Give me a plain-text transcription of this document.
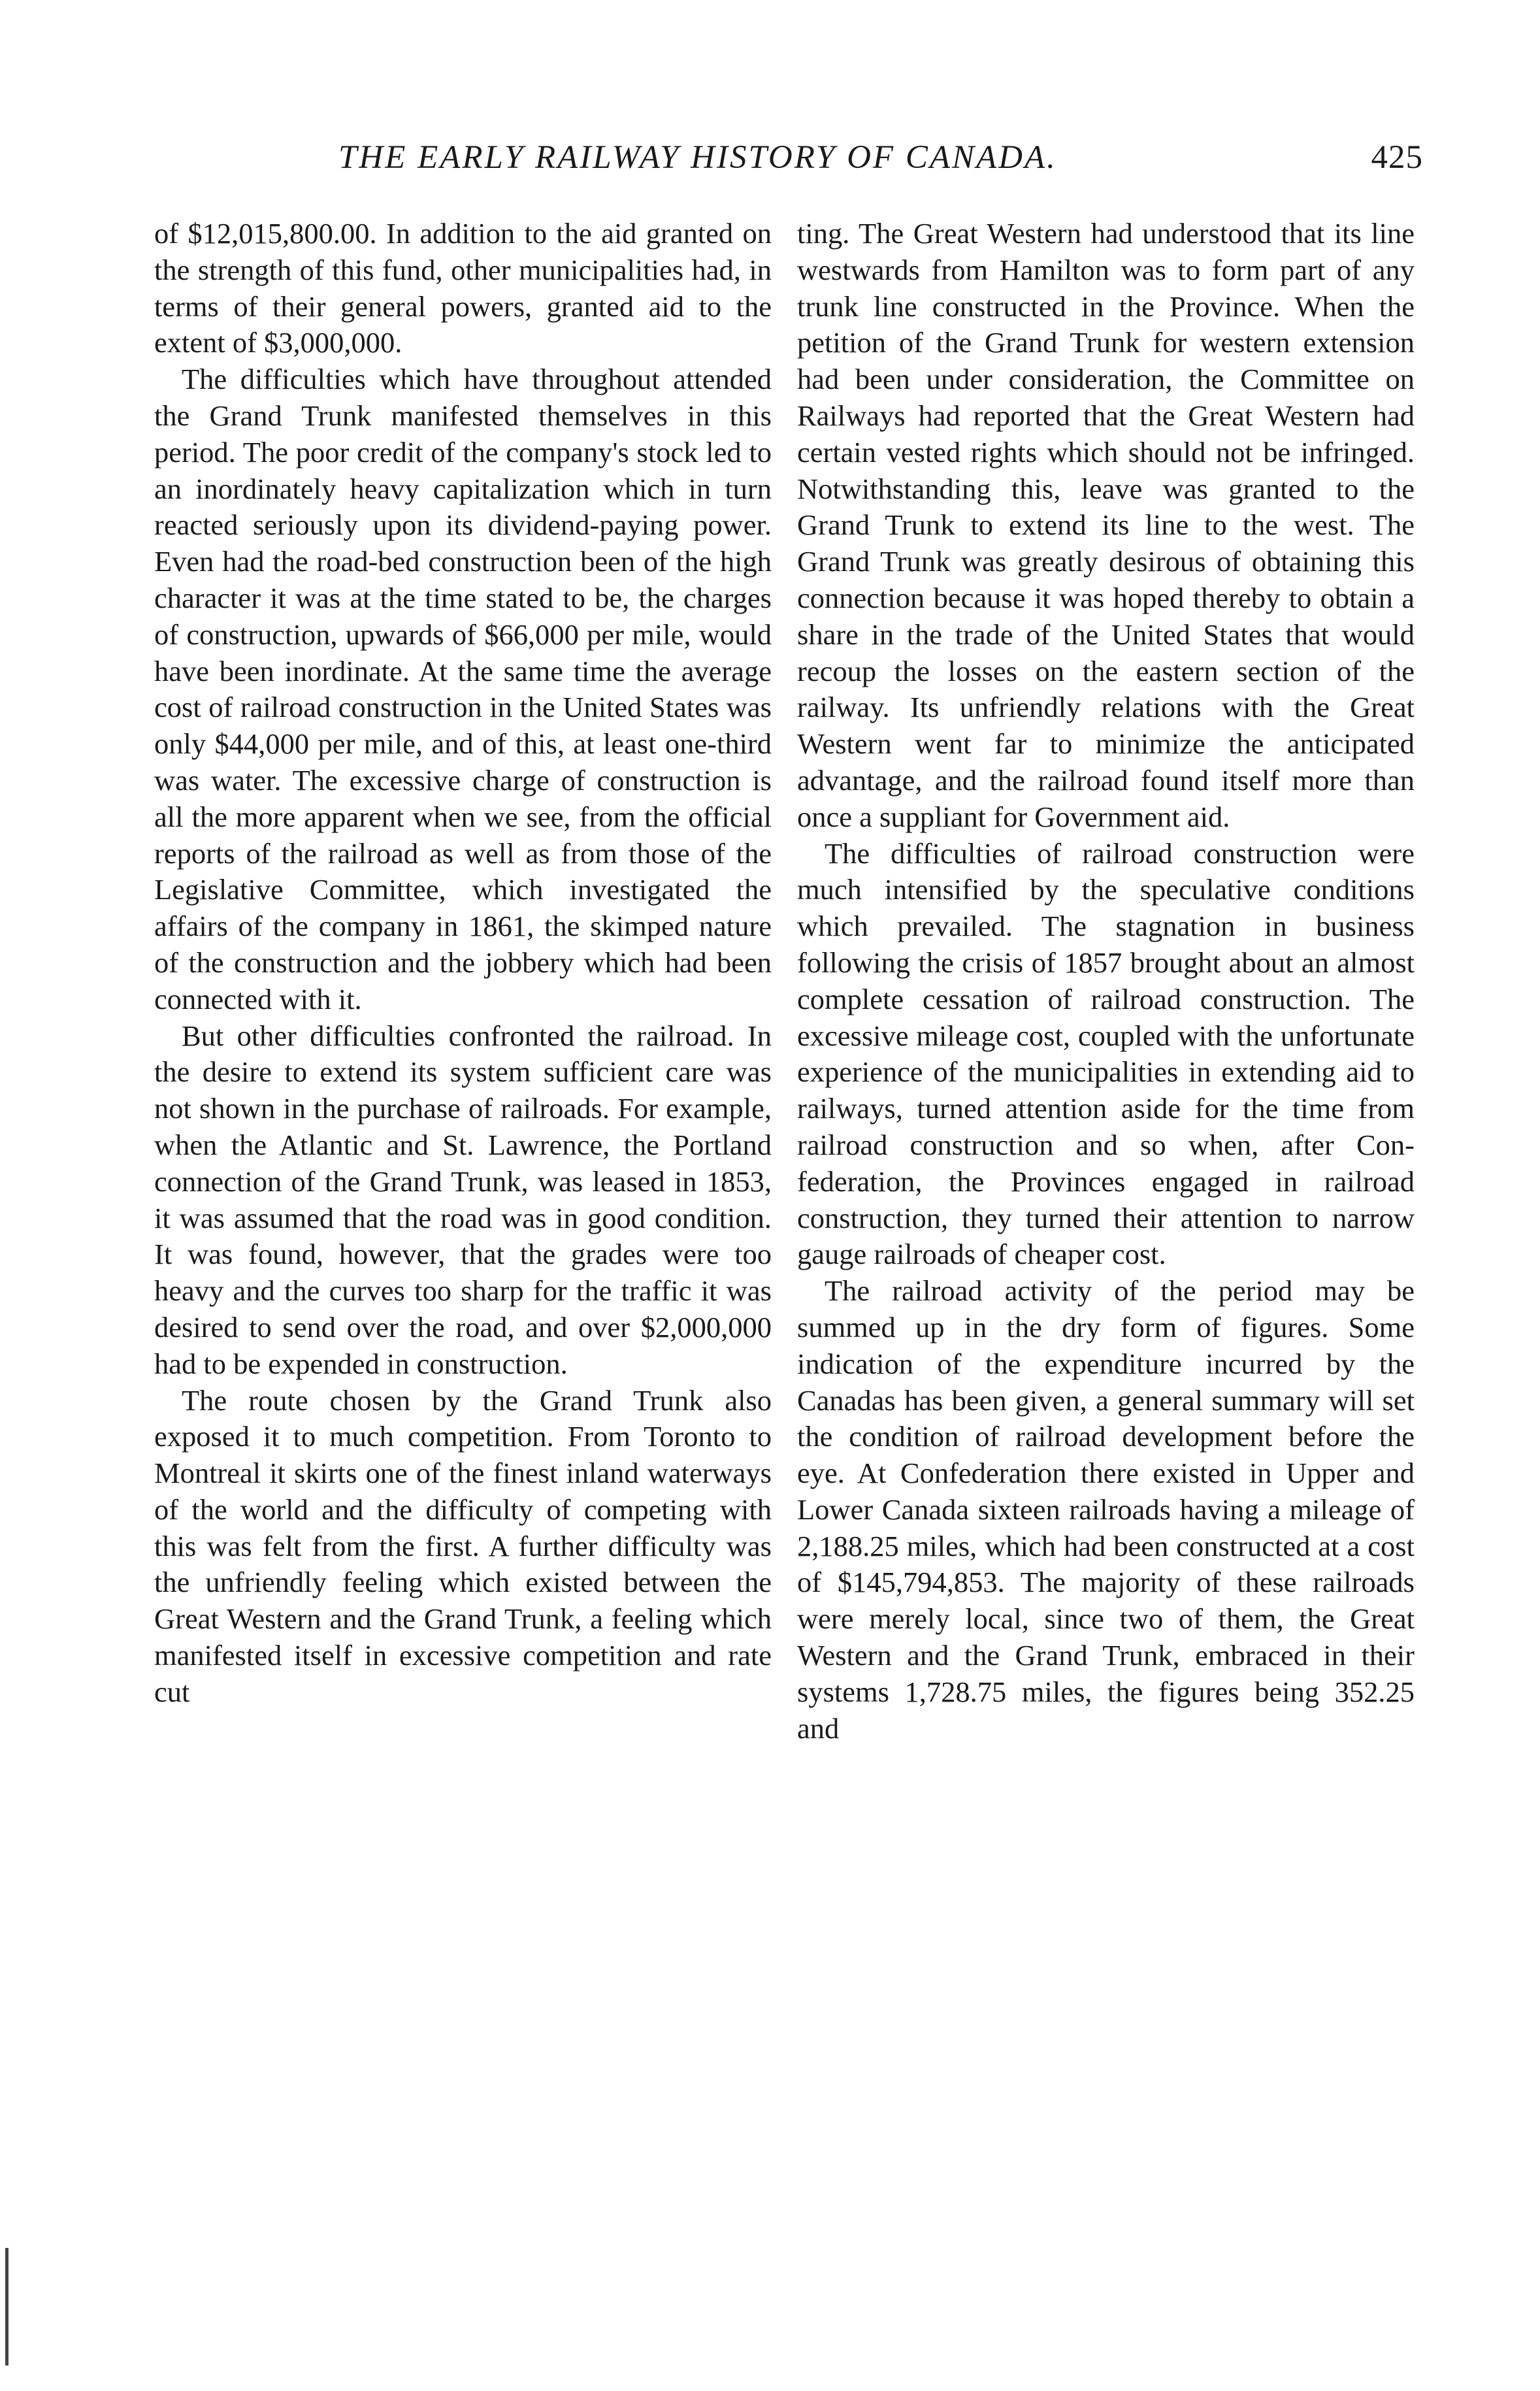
THE EARLY RAILWAY HISTORY OF CANADA.	425

of $12,015,800.00. In addition to the aid granted on the strength of this fund, other municipalities had, in terms of their general powers, granted aid to the extent of $3,000,000.

The difficulties which have throughout attended the Grand Trunk manifested themselves in this period. The poor credit of the company's stock led to an inordinately heavy capitalization which in turn reacted seriously upon its dividend-paying power. Even had the road-bed construction been of the high character it was at the time stated to be, the charges of construction, upwards of $66,000 per mile, would have been inordinate. At the same time the average cost of railroad construction in the United States was only $44,000 per mile, and of this, at least one-third was water. The excessive charge of construction is all the more apparent when we see, from the official reports of the railroad as well as from those of the Legislative Committee, which investigated the affairs of the company in 1861, the skimped nature of the construction and the jobbery which had been connected with it.

But other difficulties confronted the railroad. In the desire to extend its system sufficient care was not shown in the purchase of railroads. For example, when the Atlantic and St. Lawrence, the Portland connection of the Grand Trunk, was leased in 1853, it was assumed that the road was in good condition. It was found, however, that the grades were too heavy and the curves too sharp for the traffic it was desired to send over the road, and over $2,000,000 had to be expended in construction.

The route chosen by the Grand Trunk also exposed it to much competition. From Toronto to Montreal it skirts one of the finest inland waterways of the world and the difficulty of competing with this was felt from the first. A further difficulty was the unfriendly feeling which existed between the Great Western and the Grand Trunk, a feeling which manifested itself in excessive competition and rate cut

ting. The Great Western had understood that its line westwards from Hamilton was to form part of any trunk line constructed in the Province. When the petition of the Grand Trunk for western extension had been under consideration, the Committee on Railways had reported that the Great Western had certain vested rights which should not be infringed. Notwithstanding this, leave was granted to the Grand Trunk to extend its line to the west. The Grand Trunk was greatly desirous of obtaining this connection because it was hoped thereby to obtain a share in the trade of the United States that would recoup the losses on the eastern section of the railway. Its unfriendly relations with the Great Western went far to minimize the anticipated advantage, and the railroad found itself more than once a suppliant for Government aid.

The difficulties of railroad construction were much intensified by the speculative conditions which prevailed. The stagnation in business following the crisis of 1857 brought about an almost complete cessation of railroad construction. The excessive mileage cost, coupled with the unfortunate experience of the municipalities in extending aid to railways, turned attention aside for the time from railroad construction and so when, after Confederation, the Provinces engaged in railroad construction, they turned their attention to narrow gauge railroads of cheaper cost.

The railroad activity of the period may be summed up in the dry form of figures. Some indication of the expenditure incurred by the Canadas has been given, a general summary will set the condition of railroad development before the eye. At Confederation there existed in Upper and Lower Canada sixteen railroads having a mileage of 2,188.25 miles, which had been constructed at a cost of $145,794,853. The majority of these railroads were merely local, since two of them, the Great Western and the Grand Trunk, embraced in their systems 1,728.75 miles, the figures being 352.25 and
